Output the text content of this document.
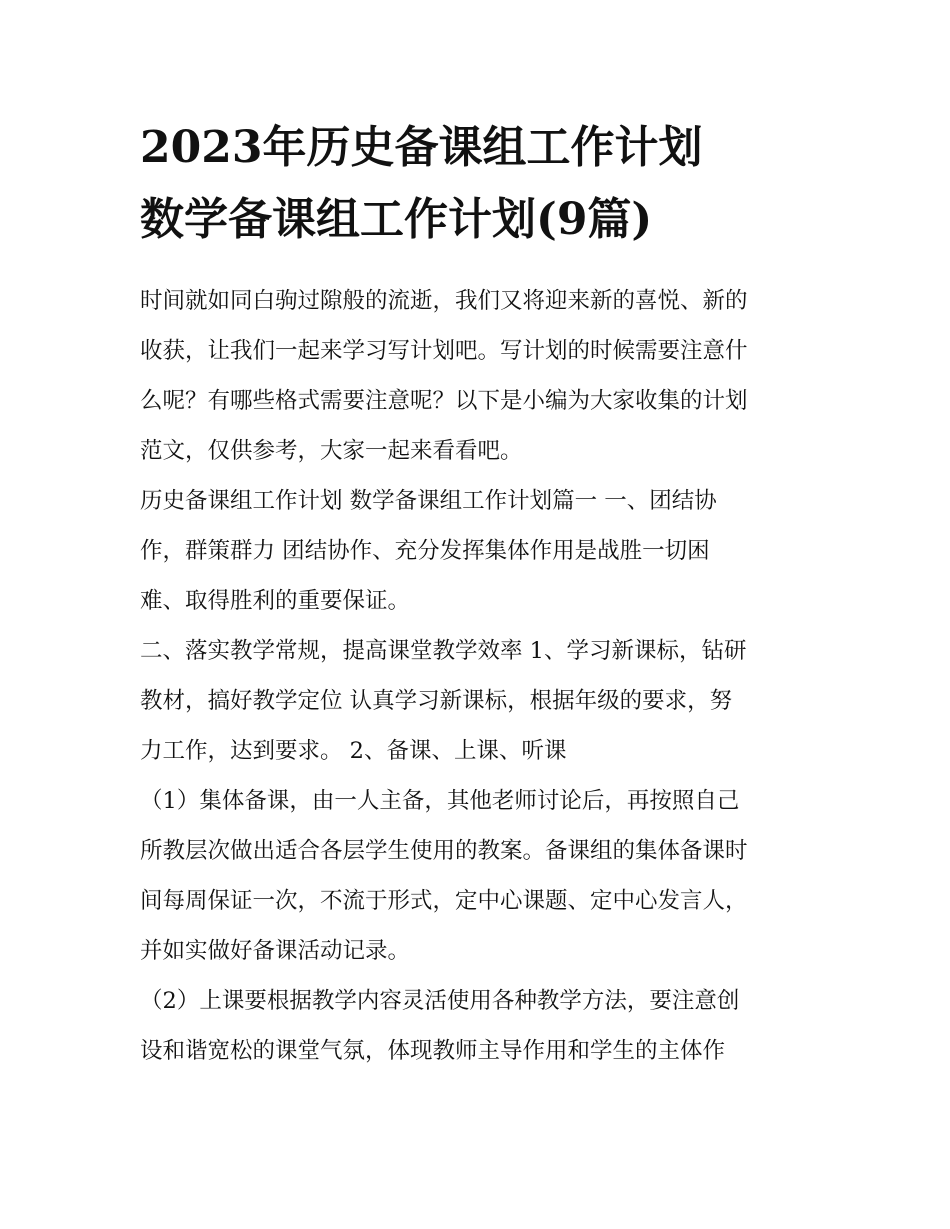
2023年历史备课组工作计划
数学备课组工作计划(9篇)
时间就如同白驹过隙般的流逝，我们又将迎来新的喜悦、新的
收获，让我们一起来学习写计划吧。写计划的时候需要注意什
么呢？有哪些格式需要注意呢？以下是小编为大家收集的计划
范文，仅供参考，大家一起来看看吧。
历史备课组工作计划 数学备课组工作计划篇一 一、团结协
作，群策群力 团结协作、充分发挥集体作用是战胜一切困
难、取得胜利的重要保证。
二、落实教学常规，提高课堂教学效率 1、学习新课标，钻研
教材，搞好教学定位 认真学习新课标，根据年级的要求，努
力工作，达到要求。 2、备课、上课、听课
（1）集体备课，由一人主备，其他老师讨论后，再按照自己
所教层次做出适合各层学生使用的教案。备课组的集体备课时
间每周保证一次，不流于形式，定中心课题、定中心发言人，
并如实做好备课活动记录。
（2）上课要根据教学内容灵活使用各种教学方法，要注意创
设和谐宽松的课堂气氛，体现教师主导作用和学生的主体作
